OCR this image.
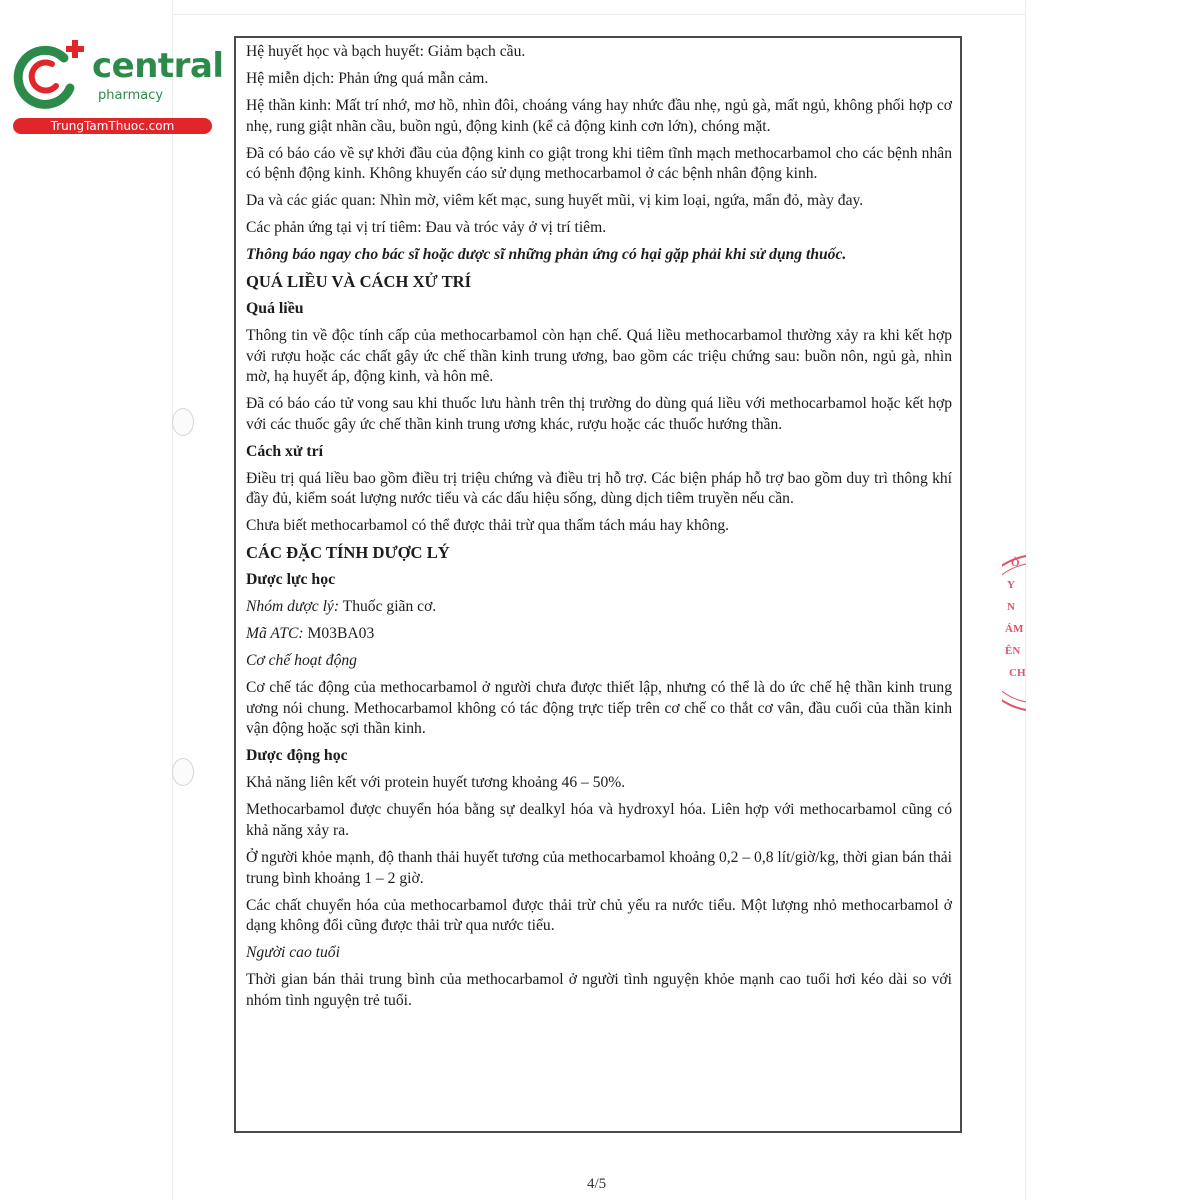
central
pharmacy
TrungTamThuoc.com

Hệ huyết học và bạch huyết: Giảm bạch cầu.

Hệ miễn dịch: Phản ứng quá mẫn cảm.

Hệ thần kinh: Mất trí nhớ, mơ hồ, nhìn đôi, choáng váng hay nhức đầu nhẹ, ngủ gà, mất ngủ, không phối hợp cơ nhẹ, rung giật nhãn cầu, buồn ngủ, động kinh (kể cả động kinh cơn lớn), chóng mặt.

Đã có báo cáo về sự khởi đầu của động kinh co giật trong khi tiêm tĩnh mạch methocarbamol cho các bệnh nhân có bệnh động kinh. Không khuyến cáo sử dụng methocarbamol ở các bệnh nhân động kinh.

Da và các giác quan: Nhìn mờ, viêm kết mạc, sung huyết mũi, vị kim loại, ngứa, mẩn đỏ, mày đay.

Các phản ứng tại vị trí tiêm: Đau và tróc vảy ở vị trí tiêm.

Thông báo ngay cho bác sĩ hoặc dược sĩ những phản ứng có hại gặp phải khi sử dụng thuốc.

QUÁ LIỀU VÀ CÁCH XỬ TRÍ
Quá liều

Thông tin về độc tính cấp của methocarbamol còn hạn chế. Quá liều methocarbamol thường xảy ra khi kết hợp với rượu hoặc các chất gây ức chế thần kinh trung ương, bao gồm các triệu chứng sau: buồn nôn, ngủ gà, nhìn mờ, hạ huyết áp, động kinh, và hôn mê.

Đã có báo cáo tử vong sau khi thuốc lưu hành trên thị trường do dùng quá liều với methocarbamol hoặc kết hợp với các thuốc gây ức chế thần kinh trung ương khác, rượu hoặc các thuốc hướng thần.

Cách xử trí

Điều trị quá liều bao gồm điều trị triệu chứng và điều trị hỗ trợ. Các biện pháp hỗ trợ bao gồm duy trì thông khí đầy đủ, kiểm soát lượng nước tiểu và các dấu hiệu sống, dùng dịch tiêm truyền nếu cần.

Chưa biết methocarbamol có thể được thải trừ qua thẩm tách máu hay không.

CÁC ĐẶC TÍNH DƯỢC LÝ
Dược lực học

Nhóm dược lý: Thuốc giãn cơ.

Mã ATC: M03BA03

Cơ chế hoạt động

Cơ chế tác động của methocarbamol ở người chưa được thiết lập, nhưng có thể là do ức chế hệ thần kinh trung ương nói chung. Methocarbamol không có tác động trực tiếp trên cơ chế co thắt cơ vân, đầu cuối của thần kinh vận động hoặc sợi thần kinh.

Dược động học

Khả năng liên kết với protein huyết tương khoảng 46 – 50%.

Methocarbamol được chuyển hóa bằng sự dealkyl hóa và hydroxyl hóa. Liên hợp với methocarbamol cũng có khả năng xảy ra.

Ở người khỏe mạnh, độ thanh thải huyết tương của methocarbamol khoảng 0,2 – 0,8 lít/giờ/kg, thời gian bán thải trung bình khoảng 1 – 2 giờ.

Các chất chuyển hóa của methocarbamol được thải trừ chủ yếu ra nước tiểu. Một lượng nhỏ methocarbamol ở dạng không đổi cũng được thải trừ qua nước tiểu.

Người cao tuổi

Thời gian bán thải trung bình của methocarbamol ở người tình nguyện khỏe mạnh cao tuổi hơi kéo dài so với nhóm tình nguyện trẻ tuổi.

Ò
Y
N
ÁM
ÊN
CH
4/5
